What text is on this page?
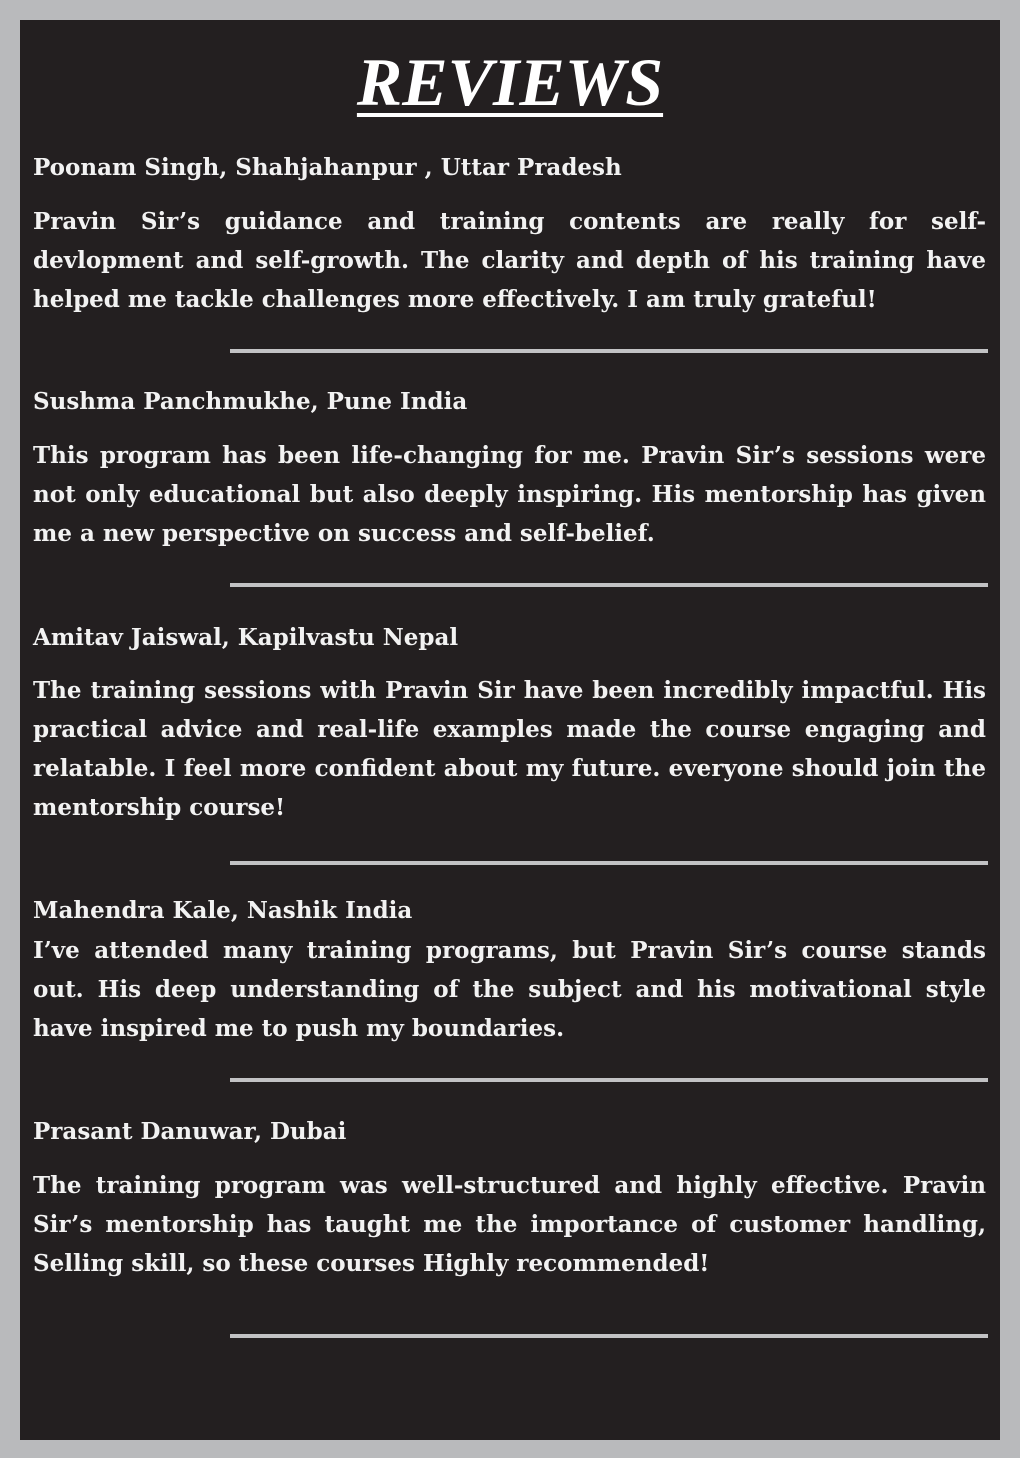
REVIEWS

Poonam Singh, Shahjahanpur , Uttar Pradesh

Pravin Sir’s guidance and training contents are really for self-devlopment and self-growth. The clarity and depth of his training have helped me tackle challenges more effectively. I am truly grateful!

Sushma Panchmukhe, Pune India

This program has been life-changing for me. Pravin Sir’s sessions were not only educational but also deeply inspiring. His mentorship has given me a new perspective on success and self-belief.

Amitav Jaiswal, Kapilvastu Nepal

The training sessions with Pravin Sir have been incredibly impactful. His practical advice and real-life examples made the course engaging and relatable. I feel more confident about my future. everyone should join the mentorship course!

Mahendra Kale, Nashik India

I’ve attended many training programs, but Pravin Sir’s course stands out. His deep understanding of the subject and his motivational style have inspired me to push my boundaries.

Prasant Danuwar, Dubai

The training program was well-structured and highly effective. Pravin Sir’s mentorship has taught me the importance of customer handling, Selling skill, so these courses Highly recommended!
